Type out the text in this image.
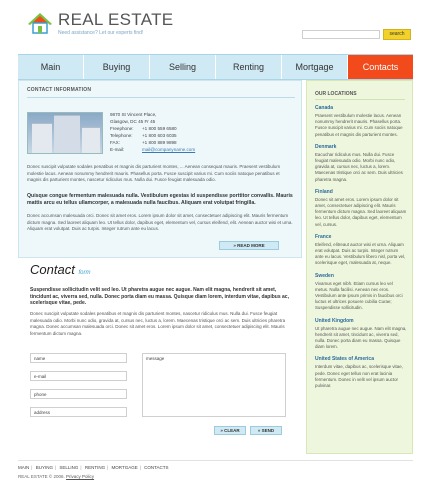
REAL ESTATE
Need assistance? Let our experts find!	search
Main	Buying	Selling	Renting	Mortgage	Contacts
CONTACT INFORMATION
9870 St Vincent Place,
Glasgow, DC 45 Fr 45
Freephone: +1 800 559 6580
Telephone: +1 800 603 6035
FAX:	+1 800 889 9898
E-mail:	mail@companyname.com
Donec suscipit vulputate sodales penatibus et magnis dis parturient montes, ... Aenean consequat mauris. Praesent vestibulum molestie lacus. Aenean nonummy hendrerit mauris. Phasellus porta. Fusce suscipit varius mi. Cum sociis natoque penatibus et magnis dis parturient montes, nascetur ridiculus mus. Nulla dui. Fusce feugiat malesuada odio.
Quisque congue fermentum malesuada nulla. Vestibulum egestas id suspendisse porttitor convallis. Mauris mattis arcu eu tellus ullamcorper, a malesuada nulla faucibus. Aliquam erat volutpat fringilla.
Donec accumsan malesuada orci. Donec sit amet eros. Lorem ipsum dolor sit amet, consectetuer adipiscing elit. Mauris fermentum dictum magna. Sed laoreet aliquam leo. Ut tellus dolor, dapibus eget, elementum vel, cursus eleifend, elit. Aenean auctor wisi et urna. Aliquam erat volutpat. Duis ac turpis. Integer rutrum ante eu lacus.
» READ MORE
Contact form
Suspendisse sollicitudin velit sed leo. Ut pharetra augue nec augue. Nam elit magna, hendrerit sit amet, tincidunt ac, viverra sed, nulla. Donec porta diam eu massa. Quisque diam lorem, interdum vitae, dapibus ac, scelerisque vitae, pede.
Donec suscipit vulputate sodales penatibus et magnis dis parturient montes, nascetur ridiculus mus. Nulla dui. Fusce feugiat malesuada odio. Morbi nunc odio, gravida at, cursus nec, luctus a, lorem. Maecenas tristique orci ac sem. Duis ultricies pharetra magna. Donec accumsan malesuada orci. Donec sit amet eros. Lorem ipsum dolor sit amet, consectetuer adipiscing elit. Mauris fermentum dictum magna.
name
e-mail
phone
address
message
» CLEAR	» SEND
OUR LOCATIONS
Canada
Praesent vestibulum molestie lacus. Aenean nonummy hendrerit mauris. Phasellus porta. Fusce suscipit varius mi. Cum sociis natoque penatibus et magnis dis parturient montes.
Denmark
Eacuchar ridiculus mus. Nulla dui. Fusce feugiat malesuada odio. Morbi nunc odio, gravida at, cursus nec, luctus a, lorem. Maecenas tristique orci ac sem. Duis ultricies pharetra magna.
Finland
Donec sit amet eros. Lorem ipsum dolor sit amet, consectetuer adipiscing elit. Mauris fermentum dictum magna. Sed laoreet aliquam leo. Ut tellus dolor, dapibus eget, elementum vel, cursus.
France
Eleifend, elitreaut auctor wisi et urna. Aliquam erat volutpat. Duis ac turpis. Integer rutrum ante eu lacus. Vestibulum libero nisl, porta vel, scelerisque eget, malesuada at, neque.
Sweden
Vivamus eget nibh. Etiam cursus leo vel metus. Nulla facilisi. Aenean nec eros. Vestibulum ante ipsum primis in faucibus orci luctus et ultrices posuere cubilia Curae; Suspendisse sollicitudin.
United Kingdom
Ut pharetra augue nec augue. Nam elit magna, hendrerit sit amet, tincidunt ac, viverra sed, nulla. Donec porta diam eu massa. Quisque diam lorem.
United States of America
Interdum vitae, dapibus ac, scelerisque vitae, pede. Donec eget tellus non erat lacinia fermentum. Donec in velit vel ipsum auctor pulvinar.
MAIN | BUYING | SELLING | RENTING | MORTGAGE | CONTACTS
REAL ESTATE © 2006. Privacy Policy
